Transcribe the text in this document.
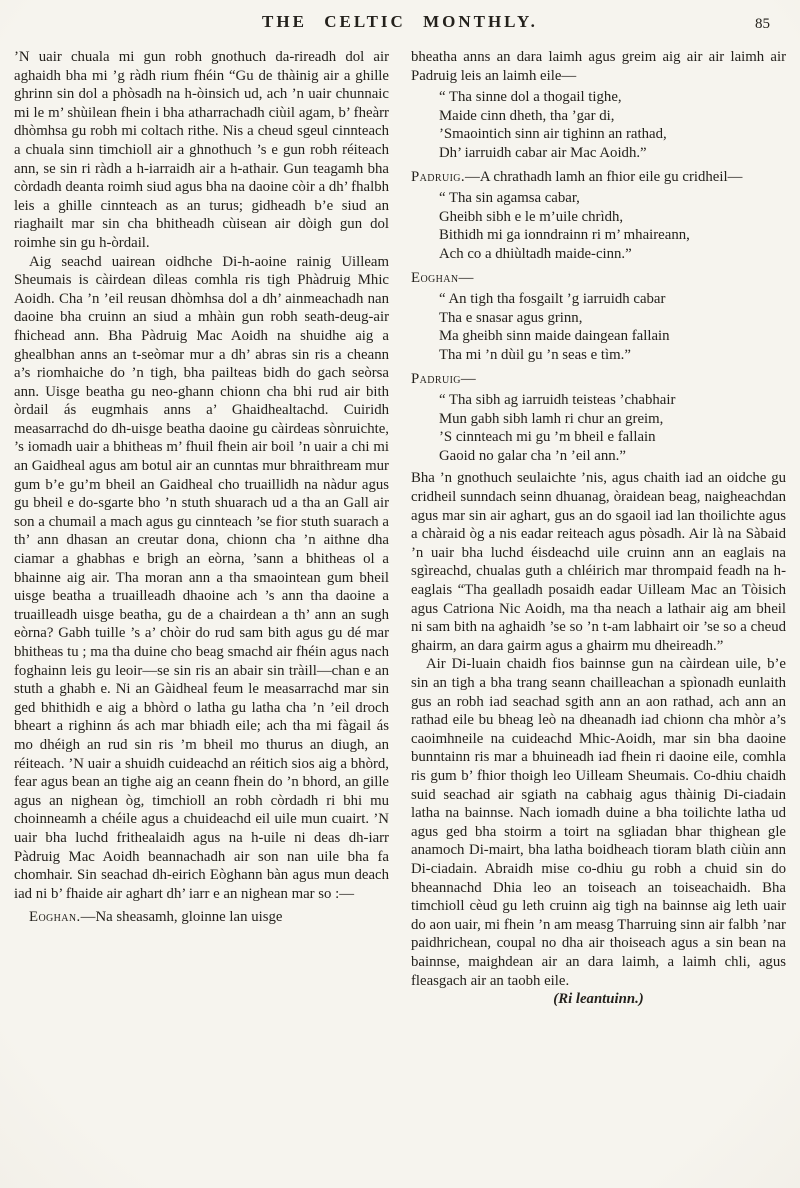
THE CELTIC MONTHLY.	85

’N uair chuala mi gun robh gnothuch da-rireadh dol air aghaidh bha mi ’g ràdh rium fhéin “Gu de thàinig air a ghille ghrinn sin dol a phòsadh na h-òinsich ud, ach ’n uair chunnaic mi le m’ shùilean fhein i bha atharrachadh ciùil agam, b’ fheàrr dhòmhsa gu robh mi coltach rithe. Nis a cheud sgeul cinnteach a chuala sinn timchioll air a ghnothuch ’s e gun robh réiteach ann, se sin ri ràdh a h-iarraidh air a h-athair. Gun teagamh bha còrdadh deanta roimh siud agus bha na daoine còir a dh’ fhalbh leis a ghille cinnteach as an turus; gidheadh b’e siud an riaghailt mar sin cha bhitheadh cùisean air dòigh gun dol roimhe sin gu h-òrdail.

Aig seachd uairean oidhche Di-h-aoine rainig Uilleam Sheumais is càirdean dìleas comhla ris tigh Phàdruig Mhic Aoidh. Cha ’n ’eil reusan dhòmhsa dol a dh’ ainmeachadh nan daoine bha cruinn an siud a mhàin gun robh seath-deug-air fhichead ann. Bha Pàdruig Mac Aoidh na shuidhe aig a ghealbhan anns an t-seòmar mur a dh’ abras sin ris a cheann a’s riomhaiche do ’n tigh, bha pailteas bidh do gach seòrsa ann. Uisge beatha gu neo-ghann chionn cha bhi rud air bith òrdail ás eugmhais anns a’ Ghaidhealtachd. Cuiridh measarrachd do dh-uisge beatha daoine gu càirdeas sònruichte, ’s iomadh uair a bhitheas m’ fhuil fhein air boil ’n uair a chi mi an Gaidheal agus am botul air an cunntas mur bhraithream mur gum b’e gu’m bheil an Gaidheal cho truaillidh na nàdur agus gu bheil e do-sgarte bho ’n stuth shuarach ud a tha an Gall air son a chumail a mach agus gu cinnteach ’se fior stuth suarach a th’ ann dhasan an creutar dona, chionn cha ’n aithne dha ciamar a ghabhas e brigh an eòrna, ’sann a bhitheas ol a bhainne aig air. Tha moran ann a tha smaointean gum bheil uisge beatha a truailleadh dhaoine ach ’s ann tha daoine a truailleadh uisge beatha, gu de a chairdean a th’ ann an sugh eòrna? Gabh tuille ’s a’ chòir do rud sam bith agus gu dé mar bhitheas tu ; ma tha duine cho beag smachd air fhéin agus nach foghainn leis gu leoir—se sin ris an abair sin tràill—chan e an stuth a ghabh e. Ni an Gàidheal feum le measarrachd mar sin ged bhithidh e aig a bhòrd o latha gu latha cha ’n ’eil droch bheart a righinn ás ach mar bhiadh eile; ach tha mi fàgail ás mo dhéigh an rud sin ris ’m bheil mo thurus an diugh, an réiteach. ’N uair a shuidh cuideachd an réitich sios aig a bhòrd, fear agus bean an tighe aig an ceann fhein do ’n bhord, an gille agus an nighean òg, timchioll an robh còrdadh ri bhi mu choinneamh a chéile agus a chuideachd eil uile mun cuairt. ’N uair bha luchd frithealaidh agus na h-uile ni deas dh-iarr Pàdruig Mac Aoidh beannachadh air son nan uile bha fa chomhair. Sin seachad dh-eirich Eòghann bàn agus mun deach iad ni b’ fhaide air aghart dh’ iarr e an nighean mar so :—

Eoghan.—Na sheasamh, gloinne lan uisge

bheatha anns an dara laimh agus greim aig air air laimh air Padruig leis an laimh eile—

“ Tha sinne dol a thogail tighe,
Maide cinn dheth, tha ’gar di,
’Smaointich sinn air tighinn an rathad,
Dh’ iarruidh cabar air Mac Aoidh.”

Padruig.—A chrathadh lamh an fhior eile gu cridheil—

“ Tha sin agamsa cabar,
Gheibh sibh e le m’uile chrìdh,
Bithidh mi ga ionndrainn ri m’ mhaireann,
Ach co a dhiùltadh maide-cinn.”

Eoghan—

“ An tigh tha fosgailt ’g iarruidh cabar
Tha e snasar agus grinn,
Ma gheibh sinn maide daingean fallain
Tha mi ’n dùil gu ’n seas e tìm.”

Padruig—

“ Tha sibh ag iarruidh teisteas ’chabhair
Mun gabh sibh lamh ri chur an greim,
’S cinnteach mi gu ’m bheil e fallain
Gaoid no galar cha ’n ’eil ann.”

Bha ’n gnothuch seulaichte ’nis, agus chaith iad an oidche gu cridheil sunndach seinn dhuanag, òraidean beag, naigheachdan agus mar sin air aghart, gus an do sgaoil iad lan thoilichte agus a chàraid òg a nis eadar reiteach agus pòsadh. Air là na Sàbaid ’n uair bha luchd éisdeachd uile cruinn ann an eaglais na sgìreachd, chualas guth a chléirich mar thrompaid feadh na h-eaglais “Tha gealladh posaidh eadar Uilleam Mac an Tòisich agus Catriona Nic Aoidh, ma tha neach a lathair aig am bheil ni sam bith na aghaidh ’se so ’n t-am labhairt oir ’se so a cheud ghairm, an dara gairm agus a ghairm mu dheireadh.”

Air Di-luain chaidh fios bainnse gun na càirdean uile, b’e sin an tigh a bha trang seann chailleachan a spìonadh eunlaith gus an robh iad seachad sgith ann an aon rathad, ach ann an rathad eile bu bheag leò na dheanadh iad chionn cha mhòr a’s caoimhneile na cuideachd Mhic-Aoidh, mar sin bha daoine bunntainn ris mar a bhuineadh iad fhein ri daoine eile, comhla ris gum b’ fhior thoigh leo Uilleam Sheumais. Co-dhiu chaidh suid seachad air sgiath na cabhaig agus thàinig Di-ciadain latha na bainnse. Nach iomadh duine a bha toilichte latha ud agus ged bha stoirm a toirt na sgliadan bhar thighean gle anamoch Di-mairt, bha latha boidheach tioram blath ciùin ann Di-ciadain. Abraidh mise co-dhiu gu robh a chuid sin do bheannachd Dhia leo an toiseach an toiseachaidh. Bha timchioll cèud gu leth cruinn aig tigh na bainnse aig leth uair do aon uair, mi fhein ’n am measg Tharruing sinn air falbh ’nar paidhrichean, coupal no dha air thoiseach agus a sin bean na bainnse, maighdean air an dara laimh, a laimh chli, agus fleasgach air an taobh eile.

(Ri leantuinn.)
